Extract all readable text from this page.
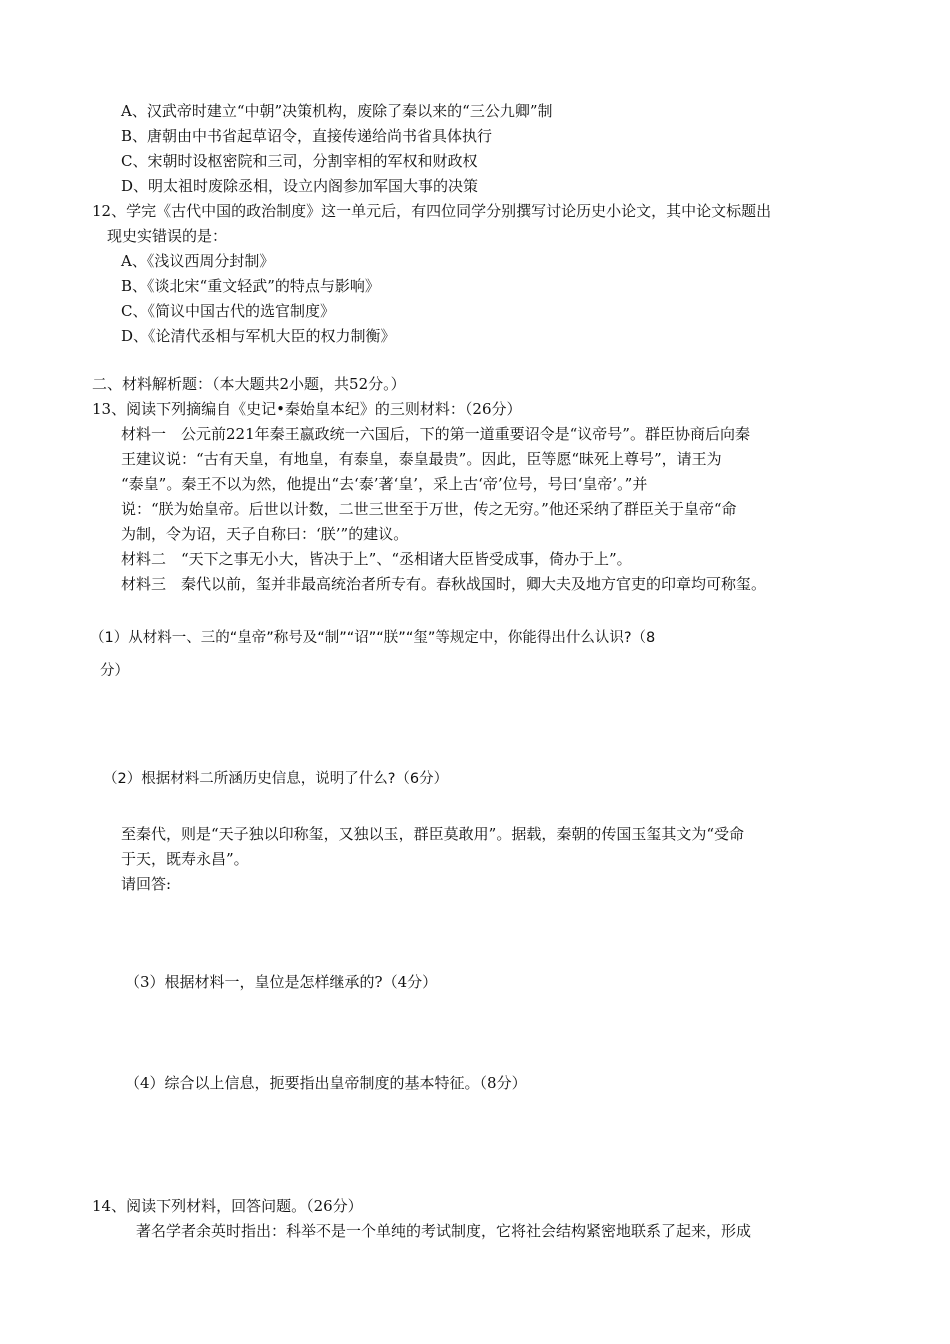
A、汉武帝时建立“中朝”决策机构，废除了秦以来的“三公九卿”制
B、唐朝由中书省起草诏令，直接传递给尚书省具体执行
C、宋朝时设枢密院和三司，分割宰相的军权和财政权
D、明太祖时废除丞相，设立内阁参加军国大事的决策
12、学完《古代中国的政治制度》这一单元后，有四位同学分别撰写讨论历史小论文，其中论文标题出
现史实错误的是：
A、《浅议西周分封制》
B、《谈北宋“重文轻武”的特点与影响》
C、《简议中国古代的选官制度》
D、《论清代丞相与军机大臣的权力制衡》
二、材料解析题：（本大题共2小题，共52分。）
13、阅读下列摘编自《史记•秦始皇本纪》的三则材料：（26分）
材料一　公元前221年秦王嬴政统一六国后，下的第一道重要诏令是“议帝号”。群臣协商后向秦
王建议说：“古有天皇，有地皇，有泰皇，泰皇最贵”。因此，臣等愿“昧死上尊号”，请王为
“泰皇”。秦王不以为然，他提出“去‘泰’著‘皇’，采上古‘帝’位号，号曰‘皇帝’。”并
说：“朕为始皇帝。后世以计数，二世三世至于万世，传之无穷。”他还采纳了群臣关于皇帝“命
为制，令为诏，天子自称曰：‘朕’”的建议。
材料二　“天下之事无小大，皆决于上”、“丞相诸大臣皆受成事，倚办于上”。
材料三　秦代以前，玺并非最高统治者所专有。春秋战国时，卿大夫及地方官吏的印章均可称玺。
（1）从材料一、三的“皇帝”称号及“制”“诏”“朕”“玺”等规定中，你能得出什么认识?（8
分）
（2）根据材料二所涵历史信息，说明了什么?（6分）
至秦代，则是“天子独以印称玺，又独以玉，群臣莫敢用”。据载，秦朝的传国玉玺其文为“受命
于天，既寿永昌”。
请回答:
（3）根据材料一，皇位是怎样继承的?（4分）
（4）综合以上信息，扼要指出皇帝制度的基本特征。（8分）
14、阅读下列材料，回答问题。（26分）
著名学者余英时指出：科举不是一个单纯的考试制度，它将社会结构紧密地联系了起来，形成
